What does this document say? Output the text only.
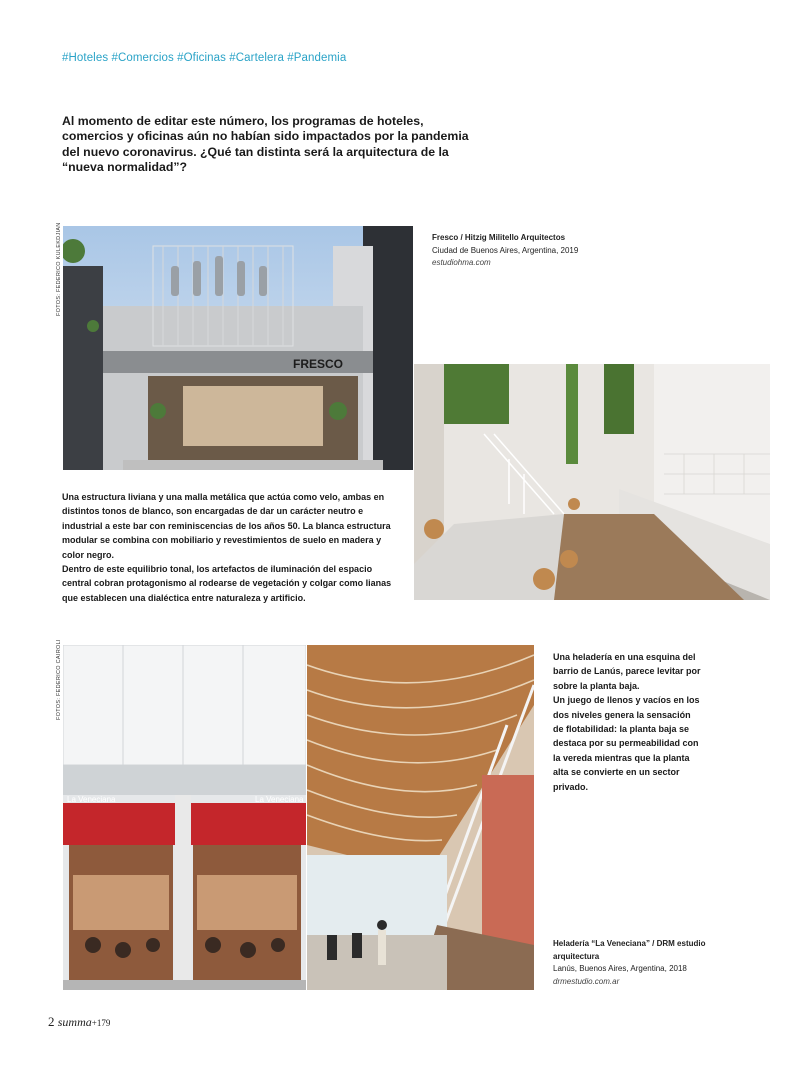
#Hoteles #Comercios #Oficinas #Cartelera #Pandemia
Al momento de editar este número, los programas de hoteles, comercios y oficinas aún no habían sido impactados por la pandemia del nuevo coronavirus. ¿Qué tan distinta será la arquitectura de la “nueva normalidad”?
FOTOS: FEDERICO KULEKDJIAN
FRESCO
Fresco / Hitzig Militello Arquitectos
Ciudad de Buenos Aires, Argentina, 2019
estudiohma.com
Una estructura liviana y una malla metálica que actúa como velo, ambas en distintos tonos de blanco, son encargadas de dar un carácter neutro e industrial a este bar con reminiscencias de los años 50. La blanca estructura modular se combina con mobiliario y revestimientos de suelo en madera y color negro.
Dentro de este equilibrio tonal, los artefactos de iluminación del espacio central cobran protagonismo al rodearse de vegetación y colgar como lianas que establecen una dialéctica entre naturaleza y artificio.
FOTOS: FEDERICO CAIROLI
La Veneciana	La Veneciana
Una heladería en una esquina del barrio de Lanús, parece levitar por sobre la planta baja.
Un juego de llenos y vacíos en los dos niveles genera la sensación de flotabilidad: la planta baja se destaca por su permeabilidad con la vereda mientras que la planta alta se convierte en un sector privado.
Heladería “La Veneciana” / DRM estudio arquitectura
Lanús, Buenos Aires, Argentina, 2018
drmestudio.com.ar
2 summa+179
